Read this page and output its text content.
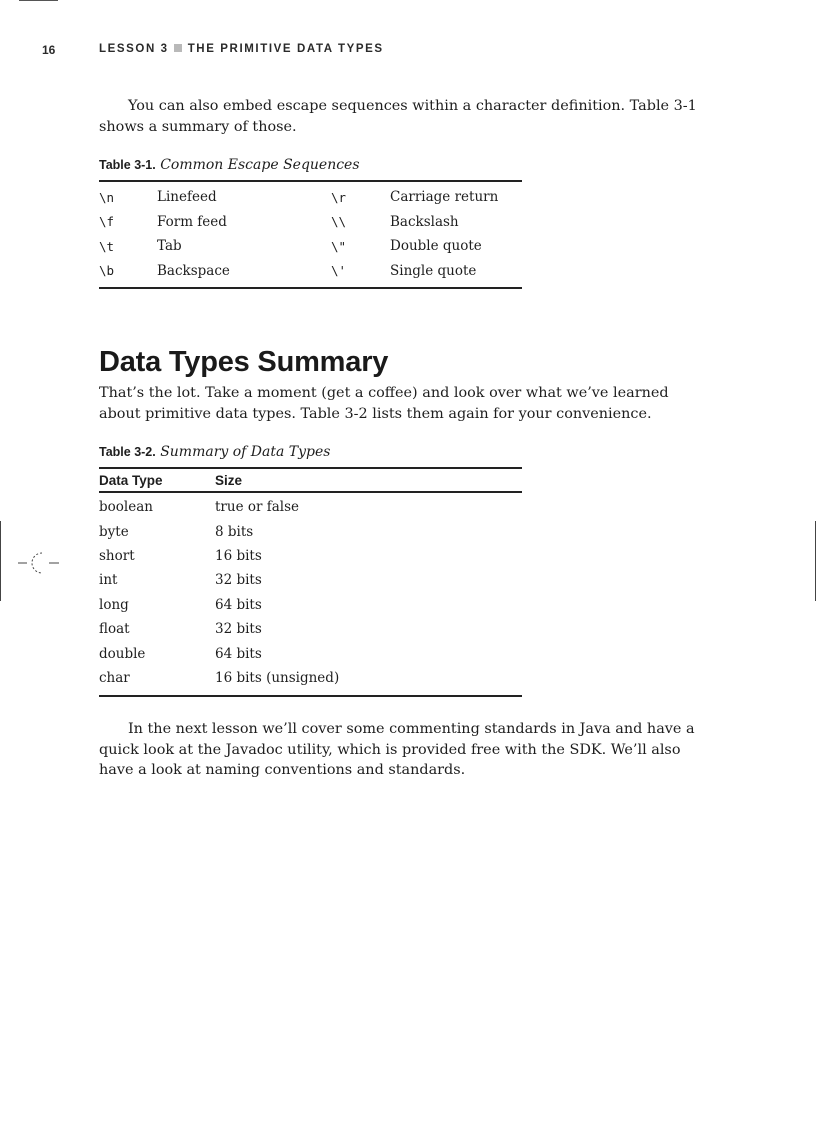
16	LESSON 3 THE PRIMITIVE DATA TYPES

You can also embed escape sequences within a character definition. Table 3-1 shows a summary of those.

Table 3-1. Common Escape Sequences
\n	Linefeed	\r	Carriage return
\f	Form feed	\\	Backslash
\t	Tab	\"	Double quote
\b	Backspace	\'	Single quote
Data Types Summary

That’s the lot. Take a moment (get a coffee) and look over what we’ve learned about primitive data types. Table 3-2 lists them again for your convenience.

Table 3-2. Summary of Data Types
Data Type	Size
boolean	true or false
byte	8 bits
short	16 bits
int	32 bits
long	64 bits
float	32 bits
double	64 bits
char	16 bits (unsigned)

In the next lesson we’ll cover some commenting standards in Java and have a quick look at the Javadoc utility, which is provided free with the SDK. We’ll also have a look at naming conventions and standards.
